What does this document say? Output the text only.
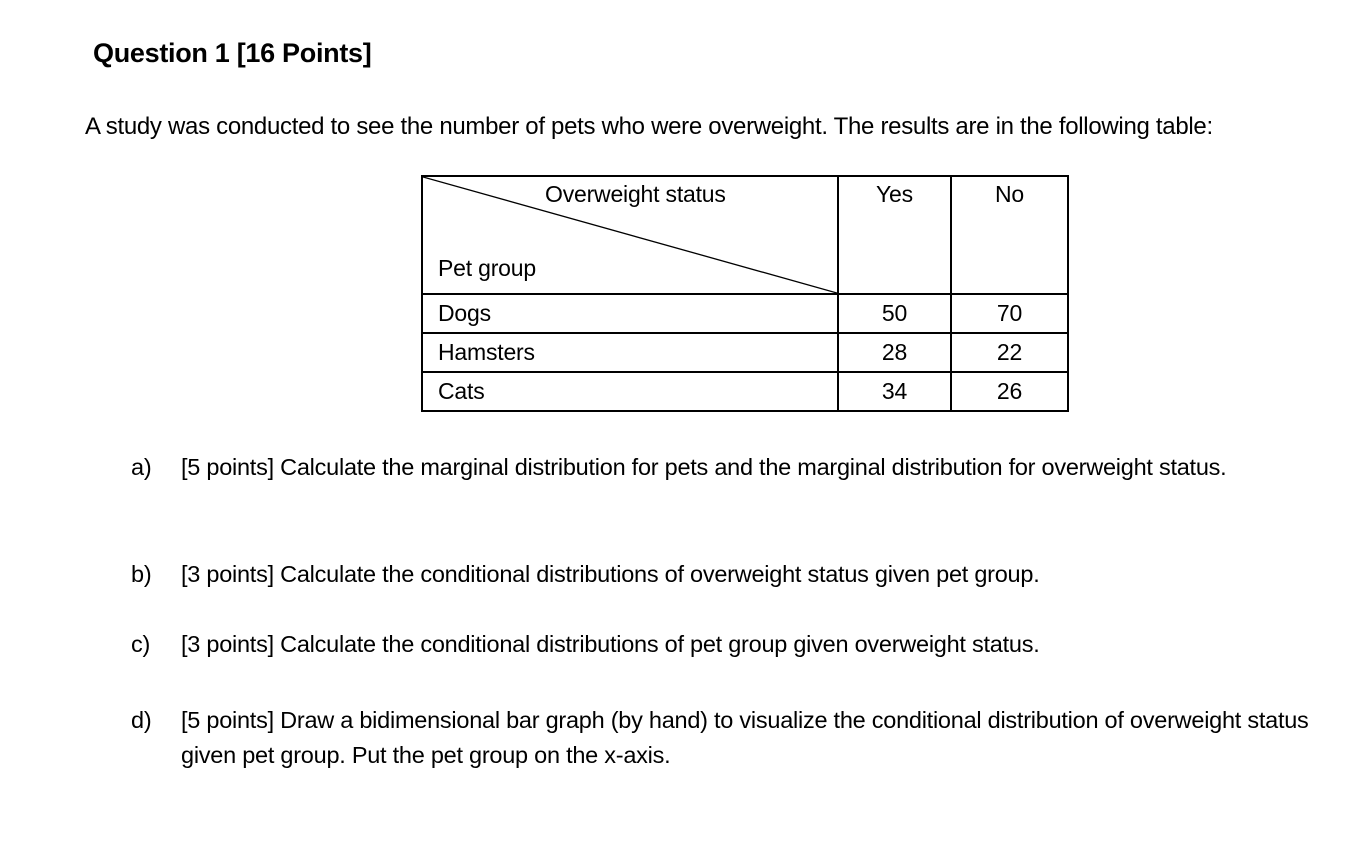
Question 1 [16 Points]
A study was conducted to see the number of pets who were overweight. The results are in the following table:
Overweight status
Pet group	Yes	No
Dogs	50	70
Hamsters	28	22
Cats	34	26
a) [5 points] Calculate the marginal distribution for pets and the marginal distribution for overweight status.
b) [3 points] Calculate the conditional distributions of overweight status given pet group.
c) [3 points] Calculate the conditional distributions of pet group given overweight status.
d) [5 points] Draw a bidimensional bar graph (by hand) to visualize the conditional distribution of overweight status given pet group. Put the pet group on the x-axis.
